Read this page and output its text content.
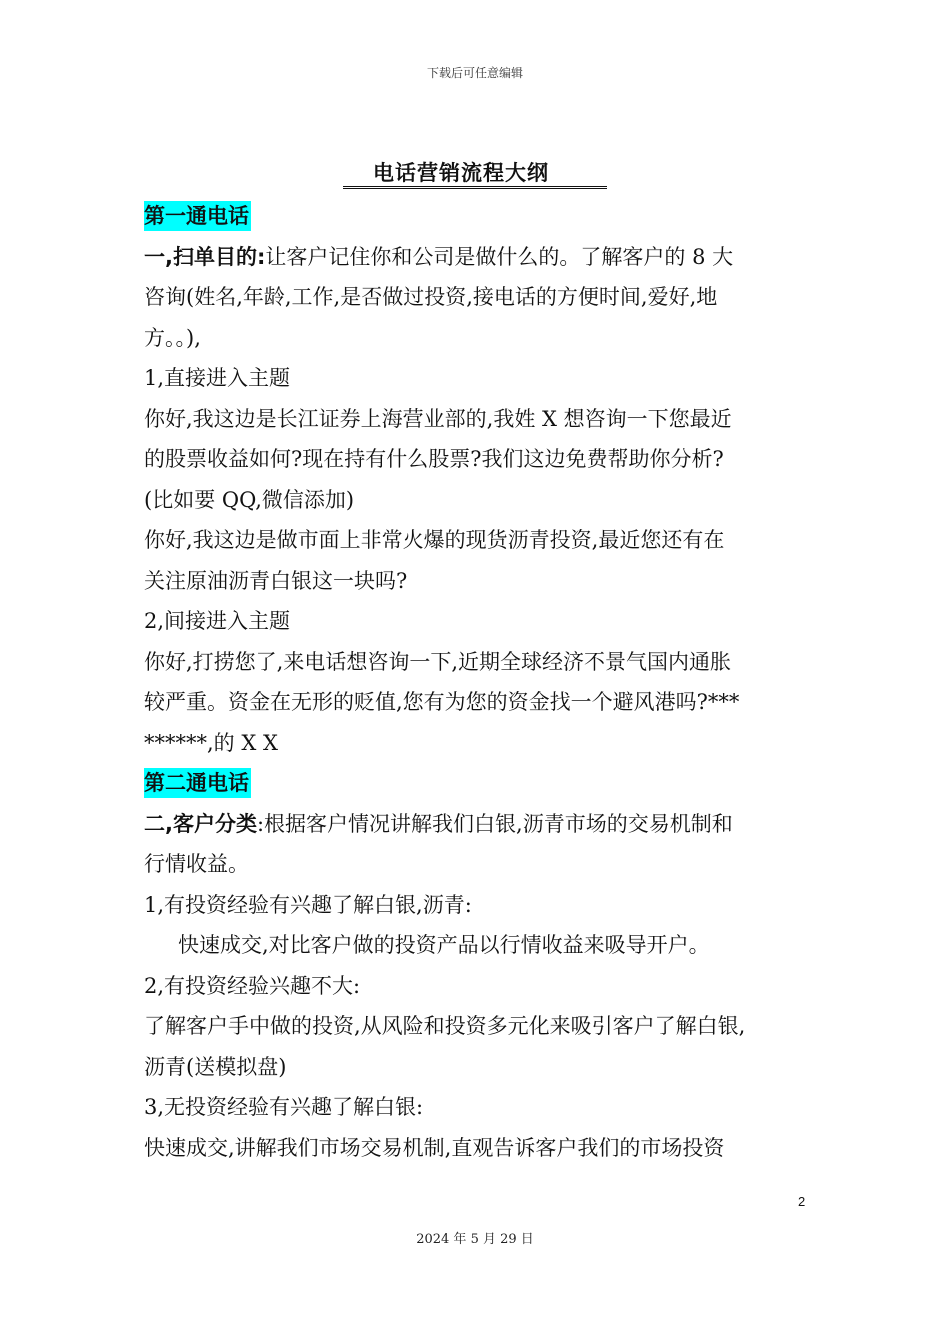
下载后可任意编辑
电话营销流程大纲
第一通电话
一,扫单目的:让客户记住你和公司是做什么的。了解客户的 8 大
咨询(姓名,年龄,工作,是否做过投资,接电话的方便时间,爱好,地
方。。),
1,直接进入主题
你好,我这边是长江证券上海营业部的,我姓 X 想咨询一下您最近
的股票收益如何?现在持有什么股票?我们这边免费帮助你分析?
(比如要 QQ,微信添加)
你好,我这边是做市面上非常火爆的现货沥青投资,最近您还有在
关注原油沥青白银这一块吗?
2,间接进入主题
你好,打捞您了,来电话想咨询一下,近期全球经济不景气国内通胀
较严重。资金在无形的贬值,您有为您的资金找一个避风港吗?***
******,的 X X
第二通电话
二,客户分类:根据客户情况讲解我们白银,沥青市场的交易机制和
行情收益。
1,有投资经验有兴趣了解白银,沥青:
快速成交,对比客户做的投资产品以行情收益来吸导开户。
2,有投资经验兴趣不大:
了解客户手中做的投资,从风险和投资多元化来吸引客户了解白银,
沥青(送模拟盘)
3,无投资经验有兴趣了解白银:
快速成交,讲解我们市场交易机制,直观告诉客户我们的市场投资
2
2024 年 5 月 29 日
